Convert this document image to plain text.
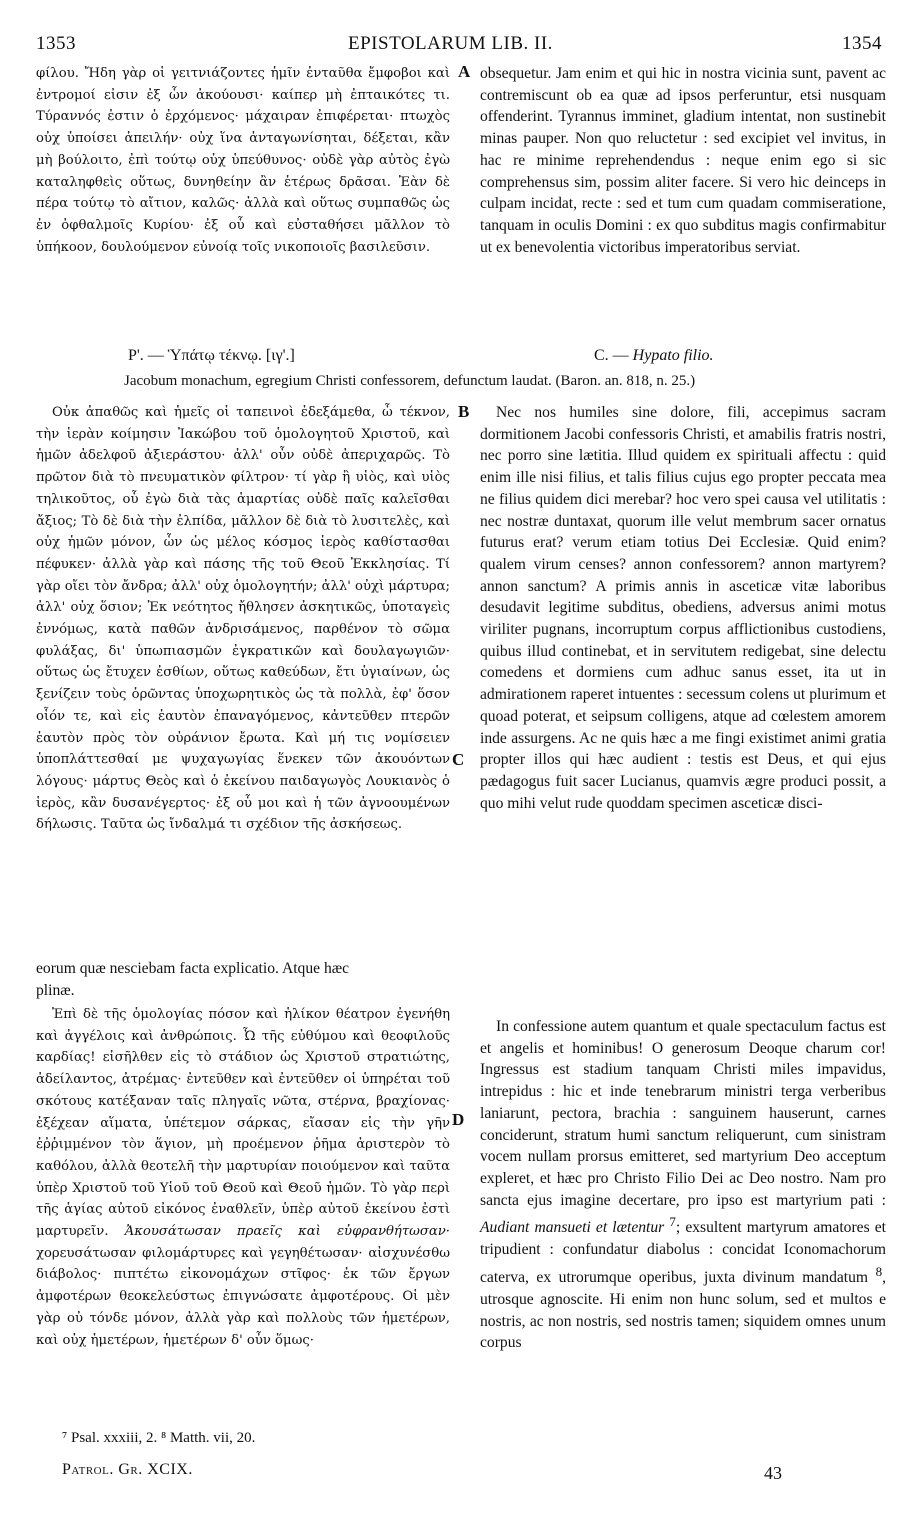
1353	EPISTOLARUM LIB. II.	1354

φίλου. Ἤδη γὰρ οἱ γειτνιάζοντες ἡμῖν ἐνταῦθα ἔμφοβοι καὶ ἐντρομοί εἰσιν ἐξ ὧν ἀκούουσι· καίπερ μὴ ἐπταικότες τι. Τύραννός ἐστιν ὁ ἐρχόμενος· μάχαιραν ἐπιφέρεται· πτωχὸς οὐχ ὑποίσει ἀπειλήν· οὐχ ἵνα ἀνταγωνίσηται, δέξεται, κἂν μὴ βούλοιτο, ἐπὶ τούτῳ οὐχ ὑπεύθυνος· οὐδὲ γὰρ αὐτὸς ἐγὼ καταληφθεὶς οὕτως, δυνηθείην ἂν ἑτέρως δρᾶσαι. Ἐὰν δὲ πέρα τούτῳ τὸ αἴτιον, καλῶς· ἀλλὰ καὶ οὕτως συμπαθῶς ὡς ἐν ὀφθαλμοῖς Κυρίου· ἐξ οὗ καὶ εὐσταθήσει μᾶλλον τὸ ὑπήκοον, δουλούμενον εὐνοίᾳ τοῖς νικοποιοῖς βασιλεῦσιν.

A obsequetur. Jam enim et qui hic in nostra vicinia sunt, pavent ac contremiscunt ob ea quæ ad ipsos perferuntur, etsi nusquam offenderint. Tyrannus imminet, gladium intentat, non sustinebit minas pauper. Non quo reluctetur : sed excipiet vel invitus, in hac re minime reprehendendus : neque enim ego si sic comprehensus sim, possim aliter facere. Si vero hic deinceps in culpam incidat, recte : sed et tum cum quadam commiseratione, tanquam in oculis Domini : ex quo subditus magis confirmabitur ut ex benevolentia victoribus imperatoribus serviat.

Ρ'. — Ὑπάτῳ τέκνῳ. [ιγ'.]	C. — Hypato filio.
Jacobum monachum, egregium Christi confessorem, defunctum laudat. (Baron. an. 818, n. 25.)

Οὐκ ἀπαθῶς καὶ ἡμεῖς οἱ ταπεινοὶ ἐδεξάμεθα, ὦ τέκνον, τὴν ἱερὰν κοίμησιν Ἰακώβου τοῦ ὁμολογητοῦ Χριστοῦ, καὶ ἡμῶν ἀδελφοῦ ἀξιεράστου· ἀλλ' οὖν οὐδὲ ἀπεριχαρῶς. Τὸ πρῶτον διὰ τὸ πνευματικὸν φίλτρον· τί γὰρ ἢ υἱὸς, καὶ υἱὸς τηλικοῦτος, οὗ ἐγὼ διὰ τὰς ἁμαρτίας οὐδὲ παῖς καλεῖσθαι ἄξιος; Τὸ δὲ διὰ τὴν ἐλπίδα, μᾶλλον δὲ διὰ τὸ λυσιτελὲς, καὶ οὐχ ἡμῶν μόνον, ὧν ὡς μέλος κόσμος ἱερὸς καθίστασθαι πέφυκεν· ἀλλὰ γὰρ καὶ πάσης τῆς τοῦ Θεοῦ Ἐκκλησίας. Τί γὰρ οἴει τὸν ἄνδρα; ἀλλ' οὐχ ὁμολογητήν; ἀλλ' οὐχὶ μάρτυρα; ἀλλ' οὐχ ὅσιον; Ἐκ νεότητος ἤθλησεν ἀσκητικῶς, ὑποταγεὶς ἐννόμως, κατὰ παθῶν ἀνδρισάμενος, παρθένον τὸ σῶμα φυλάξας, δι' ὑπωπιασμῶν ἐγκρατικῶν καὶ δουλαγωγιῶν· οὕτως ὡς ἔτυχεν ἐσθίων, οὕτως καθεύδων, ἔτι ὑγιαίνων, ὡς ξενίζειν τοὺς ὁρῶντας ὑποχωρητικὸς ὡς τὰ πολλὰ, ἐφ' ὅσον οἷόν τε, καὶ εἰς ἑαυτὸν ἐπαναγόμενος, κἀντεῦθεν πτερῶν ἑαυτὸν πρὸς τὸν οὐράνιον ἔρωτα. Καὶ μή τις νομίσειεν ὑποπλάττεσθαί με ψυχαγωγίας ἕνεκεν τῶν ἀκουόντων λόγους· μάρτυς Θεὸς καὶ ὁ ἐκείνου παιδαγωγὸς Λουκιανὸς ὁ ἱερὸς, κἂν δυσανέγερτος· ἐξ οὗ μοι καὶ ἡ τῶν ἀγνοουμένων δήλωσις. Ταῦτα ὡς ἴνδαλμά τι σχέδιον τῆς ἀσκήσεως.

B	Nec nos humiles sine dolore, fili, accepimus sacram dormitionem Jacobi confessoris Christi, et amabilis fratris nostri, nec porro sine lætitia. Illud quidem ex spirituali affectu : quid enim ille nisi filius, et talis filius cujus ego propter peccata mea ne filius quidem dici merebar? hoc vero spei causa vel utilitatis : nec nostræ duntaxat, quorum ille velut membrum sacer ornatus futurus erat? verum etiam totius Dei Ecclesiæ. Quid enim? qualem virum censes? annon confessorem? annon martyrem? annon sanctum? A primis annis in asceticæ vitæ laboribus desudavit legitime subditus, obediens, adversus animi motus viriliter pugnans, incorruptum corpus afflictionibus custodiens, quibus illud continebat, et in servitutem redigebat, sine delectu comedens et dormiens cum adhuc sanus esset, ita ut in admirationem raperet intuentes : secessum colens ut plurimum et quoad poterat, et seipsum colligens, atque ad cœlestem amorem inde assurgens. Ac ne quis hæc a me fingi existimet animi gratia propter illos qui hæc audient : testis est Deus, et qui ejus pædagogus fuit sacer Lucianus, quamvis ægre produci possit, a quo mihi velut rude quoddam specimen asceticæ disci-

C

eorum quæ nesciebam facta explicatio. Atque hæc

plinæ.

Ἐπὶ δὲ τῆς ὁμολογίας πόσον καὶ ἡλίκον θέατρον ἐγενήθη καὶ ἀγγέλοις καὶ ἀνθρώποις. Ὦ τῆς εὐθύμου καὶ θεοφιλοῦς καρδίας! εἰσῆλθεν εἰς τὸ στάδιον ὡς Χριστοῦ στρατιώτης, ἀδείλαντος, ἀτρέμας· ἐντεῦθεν καὶ ἐντεῦθεν οἱ ὑπηρέται τοῦ σκότους κατέξαναν ταῖς πληγαῖς νῶτα, στέρνα, βραχίονας· ἐξέχεαν αἵματα, ὑπέτεμον σάρκας, εἴασαν εἰς τὴν γῆν ἐῤῥιμμένον τὸν ἅγιον, μὴ προέμενον ῥῆμα ἀριστερὸν τὸ καθόλου, ἀλλὰ θεοτελῆ τὴν μαρτυρίαν ποιούμενον καὶ ταῦτα ὑπὲρ Χριστοῦ τοῦ Υἱοῦ τοῦ Θεοῦ καὶ Θεοῦ ἡμῶν. Τὸ γὰρ περὶ τῆς ἁγίας αὐτοῦ εἰκόνος ἐναθλεῖν, ὑπὲρ αὐτοῦ ἐκείνου ἐστὶ μαρτυρεῖν. Ἀκουσάτωσαν πραεῖς καὶ εὐφρανθήτωσαν· χορευσάτωσαν φιλομάρτυρες καὶ γεγηθέτωσαν· αἰσχυνέσθω διάβολος· πιπτέτω εἰκονομάχων στῖφος· ἐκ τῶν ἔργων ἀμφοτέρων θεοκελεύστως ἐπιγνώσατε ἀμφοτέρους. Οἱ μὲν γὰρ οὐ τόνδε μόνον, ἀλλὰ γὰρ καὶ πολλοὺς τῶν ἡμετέρων, καὶ οὐχ ἡμετέρων, ἡμετέρων δ' οὖν ὅμως·

D

In confessione autem quantum et quale spectaculum factus est et angelis et hominibus! O generosum Deoque charum cor! Ingressus est stadium tanquam Christi miles impavidus, intrepidus : hic et inde tenebrarum ministri terga verberibus laniarunt, pectora, brachia : sanguinem hauserunt, carnes conciderunt, stratum humi sanctum reliquerunt, cum sinistram vocem nullam prorsus emitteret, sed martyrium Deo acceptum expleret, et hæc pro Christo Filio Dei ac Deo nostro. Nam pro sancta ejus imagine decertare, pro ipso est martyrium pati : Audiant mansueti et lætentur $^7$; exsultent martyrum amatores et tripudient : confundatur diabolus : concidat Iconomachorum caterva, ex utrorumque operibus, juxta divinum mandatum $^8$, utrosque agnoscite. Hi enim non hunc solum, sed et multos e nostris, ac non nostris, sed nostris tamen; siquidem omnes unum corpus

⁷ Psal. xxxiii, 2. ⁸ Matth. vii, 20.
Patrol. Gr. XCIX.	43
